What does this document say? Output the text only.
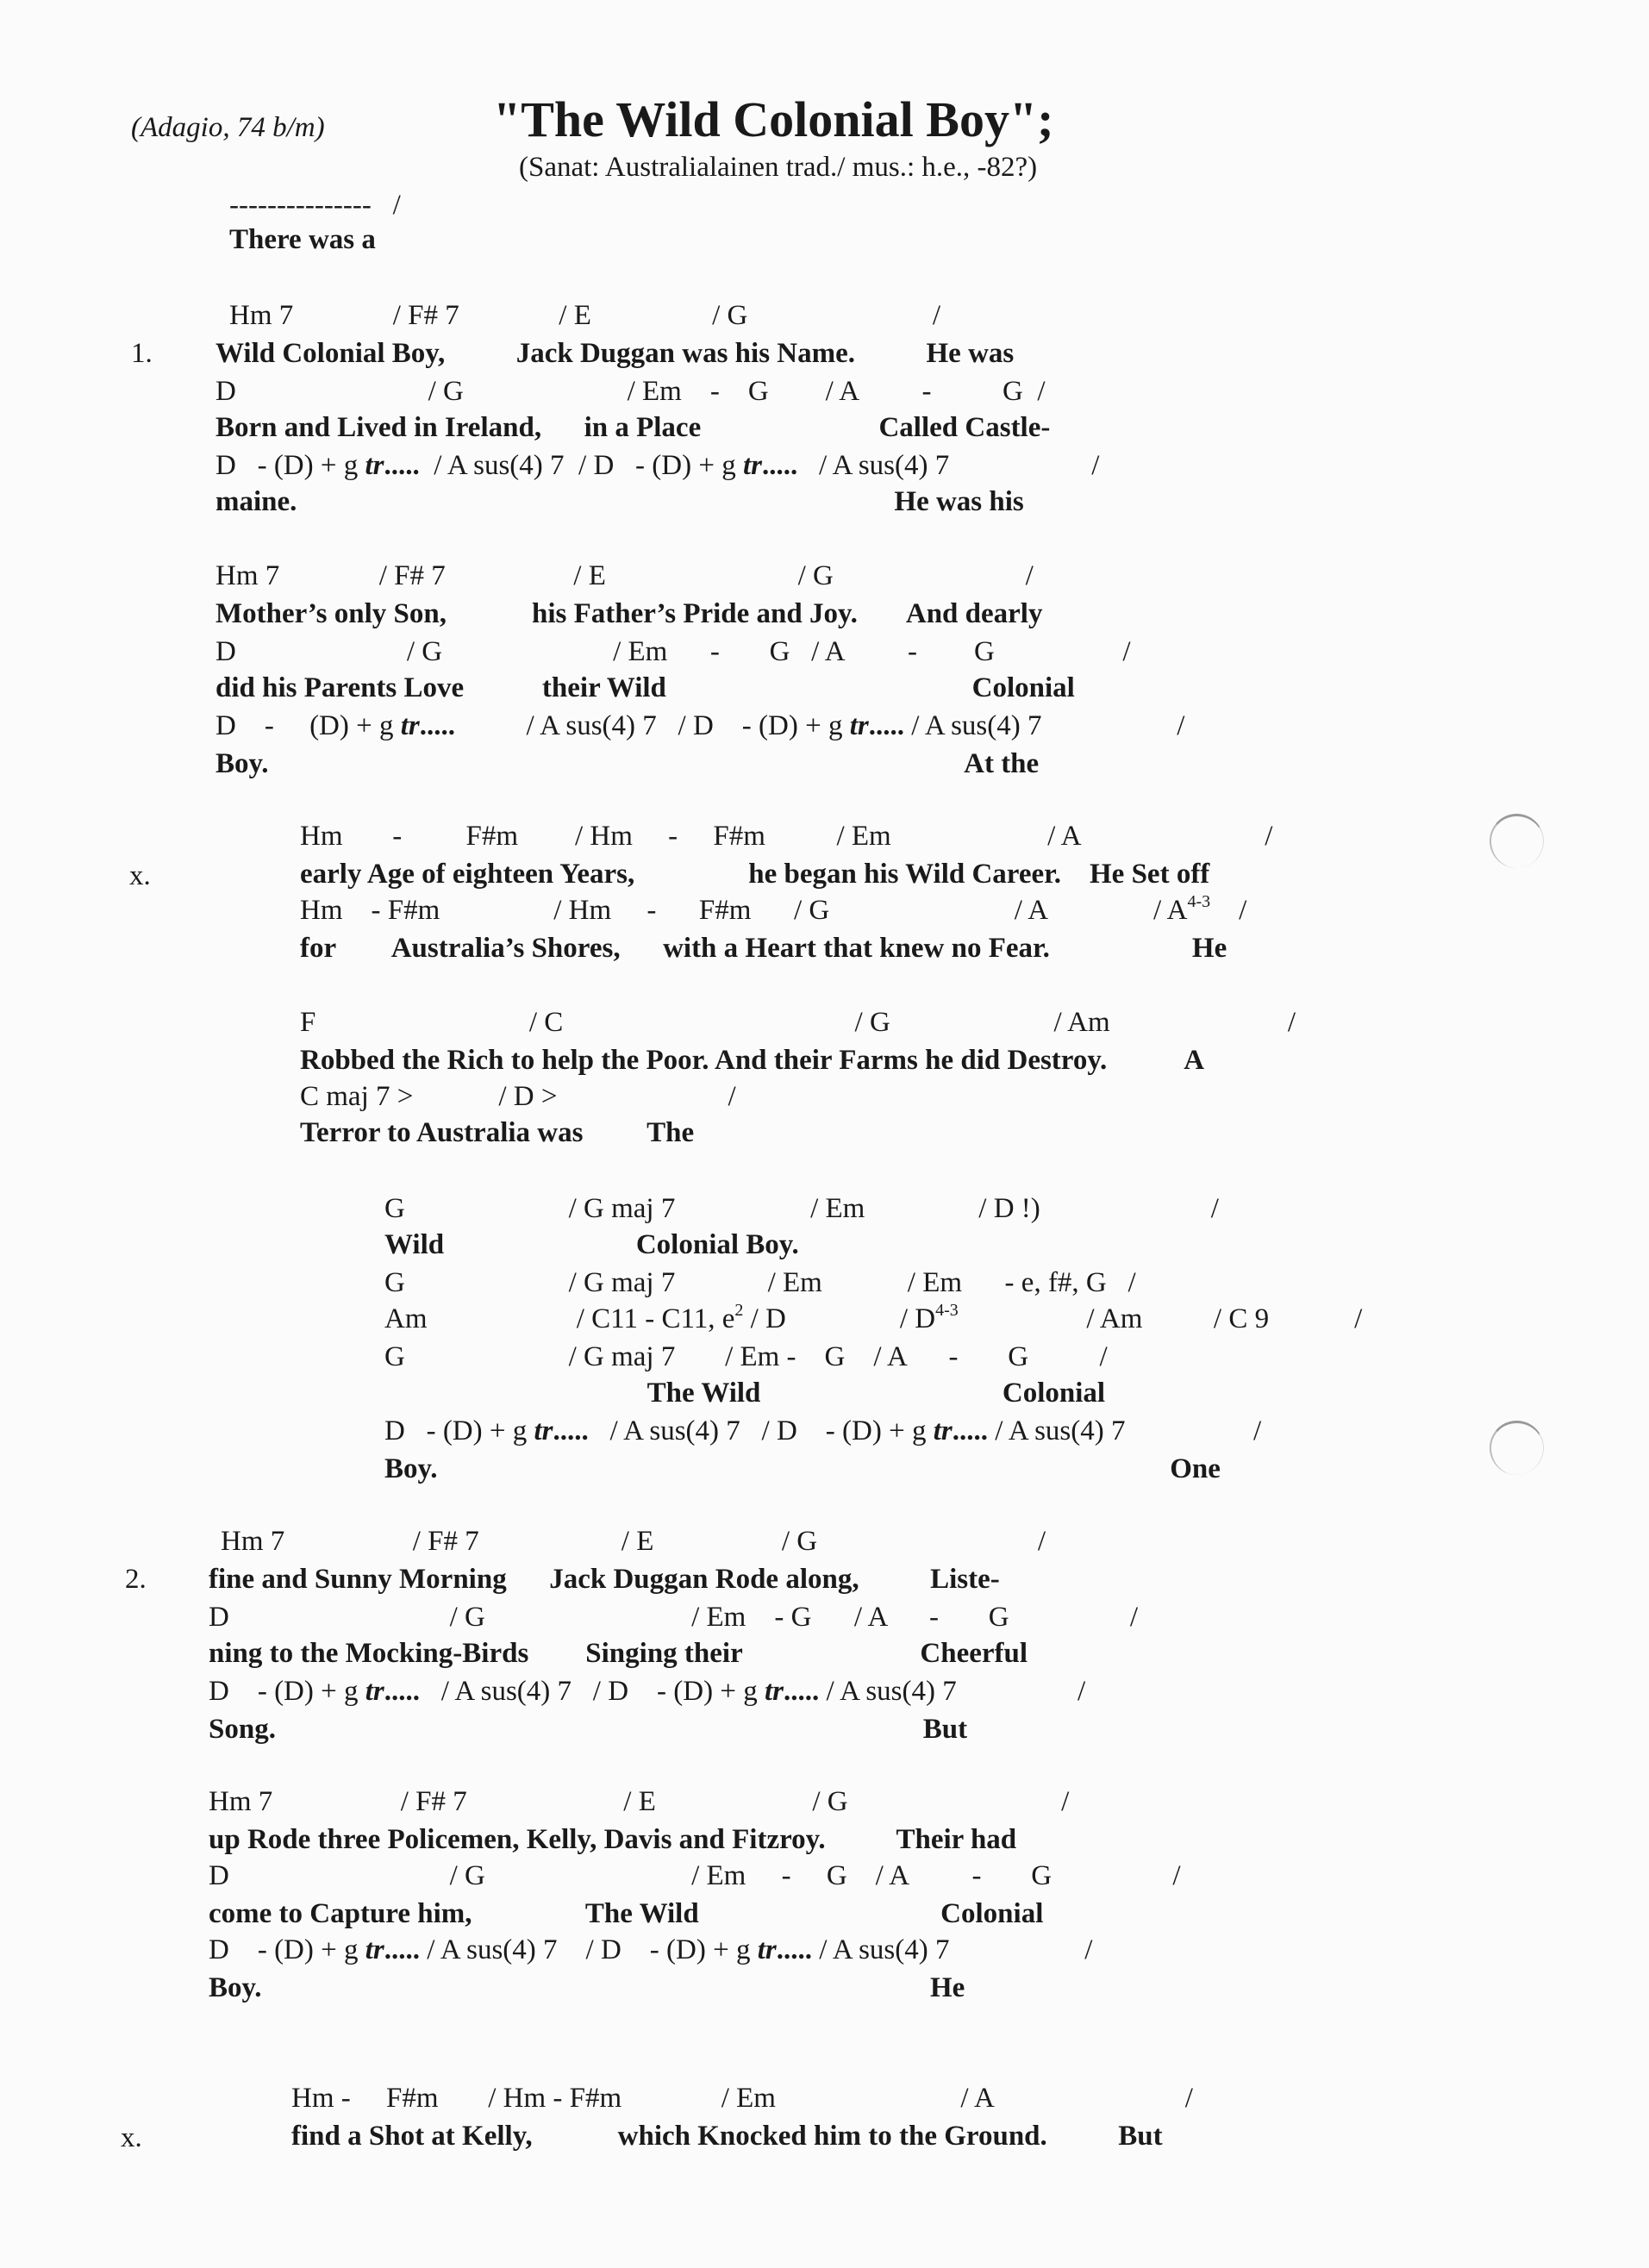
(Adagio, 74 b/m)	"The Wild Colonial Boy";
(Sanat: Australialainen trad./ mus.: h.e., -82?)
---------------   /
There was a
1.
Hm 7              / F# 7              / E                 / G                          /
Wild Colonial Boy,          Jack Duggan was his Name.          He was
D                           / G                       / Em    -    G        / A         -          G  /
Born and Lived in Ireland,      in a Place                         Called Castle-
D   - (D) + g tr.....  / A sus(4) 7  / D   - (D) + g tr.....   / A sus(4) 7                    /
maine.                                                                                    He was his
Hm 7              / F# 7                  / E                           / G                           /
Mother’s only Son,            his Father’s Pride and Joy.       And dearly
D                        / G                        / Em      -       G   / A         -        G                  /
did his Parents Love           their Wild                                           Colonial
D    -     (D) + g tr.....          / A sus(4) 7   / D    - (D) + g tr..... / A sus(4) 7                   /
Boy.                                                                                                  At the
x.
Hm       -         F#m        / Hm     -     F#m          / Em                      / A                          /
early Age of eighteen Years,                he began his Wild Career.    He Set off
Hm    - F#m                / Hm     -      F#m      / G                          / A               / $A^{4-3}$    /
for        Australia’s Shores,      with a Heart that knew no Fear.                    He
F                              / C                                         / G                       / Am                         /
Robbed the Rich to help the Poor. And their Farms he did Destroy.           A
C maj 7 >            / D >                        /
Terror to Australia was         The
G                       / G maj 7                   / Em                / D !)                        /
Wild                           Colonial Boy.
G                       / G maj 7             / Em            / Em      - e, f#, G   /
Am                     / C11 - C11, $e^2$ / D                / $D^{4-3}$                  / Am          / C 9            /
G                       / G maj 7       / Em -    G    / A      -       G          /
The Wild                                  Colonial
D   - (D) + g tr.....   / A sus(4) 7   / D    - (D) + g tr..... / A sus(4) 7                  /
Boy.                                                                                                       One
2.
Hm 7                  / F# 7                    / E                  / G                               /
fine and Sunny Morning      Jack Duggan Rode along,          Liste-
D                               / G                             / Em    - G      / A      -       G                 /
ning to the Mocking-Birds        Singing their                         Cheerful
D    - (D) + g tr.....   / A sus(4) 7   / D    - (D) + g tr..... / A sus(4) 7                 /
Song.                                                                                           But
Hm 7                  / F# 7                      / E                      / G                              /
up Rode three Policemen, Kelly, Davis and Fitzroy.          Their had
D                               / G                             / Em     -     G    / A         -       G                 /
come to Capture him,                The Wild                                  Colonial
D    - (D) + g tr..... / A sus(4) 7    / D    - (D) + g tr..... / A sus(4) 7                   /
Boy.                                                                                              He
x.
Hm -     F#m       / Hm - F#m              / Em                          / A                           /
find a Shot at Kelly,            which Knocked him to the Ground.          But
